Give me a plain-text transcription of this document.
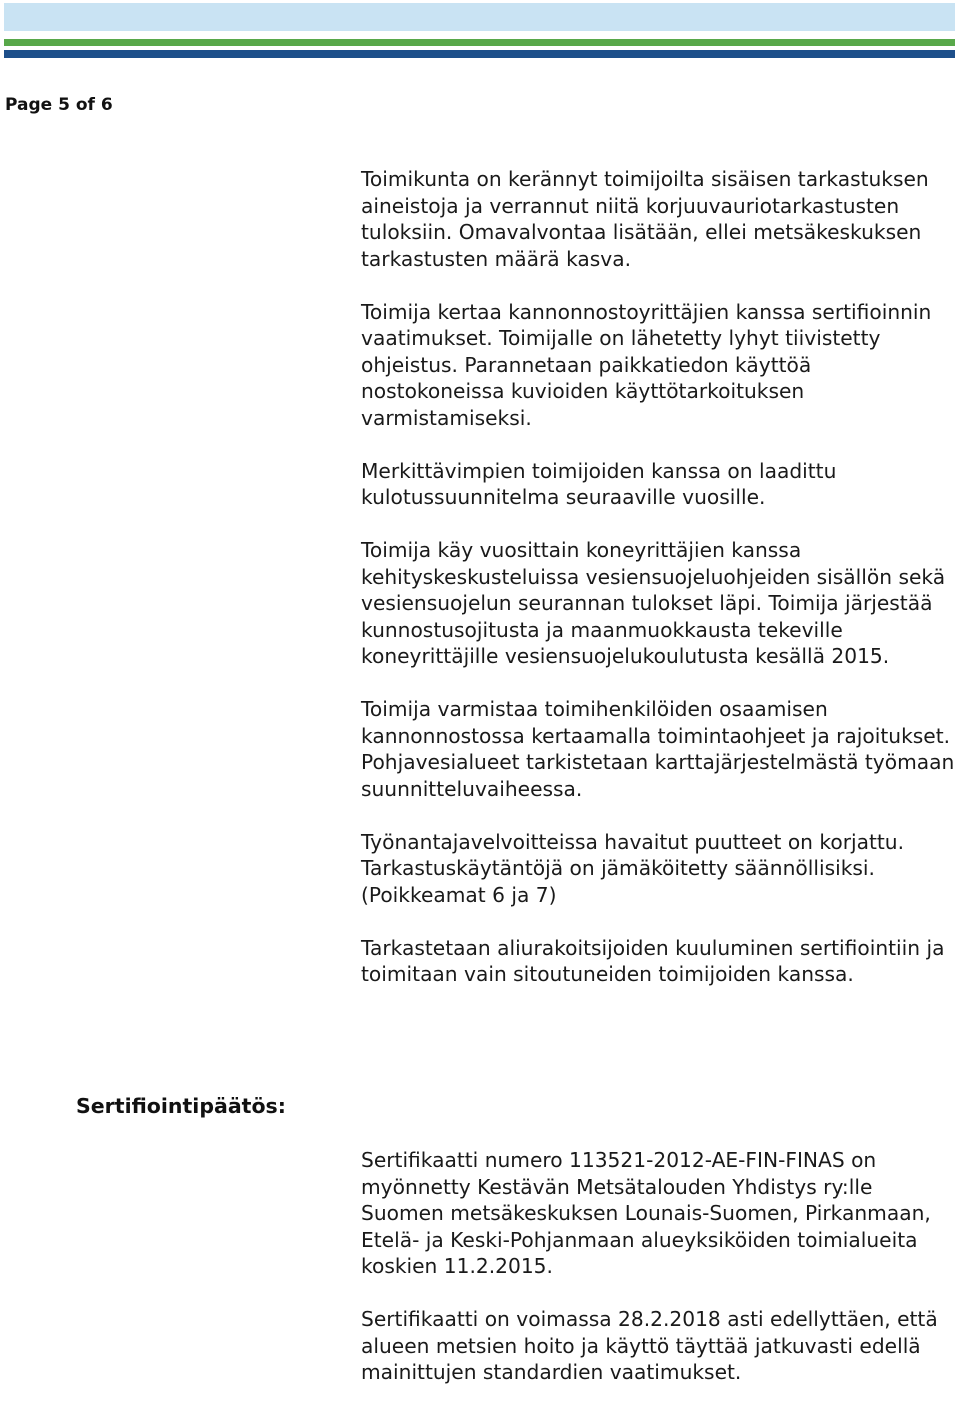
Page 5 of 6

Toimikunta on kerännyt toimijoilta sisäisen tarkastuksen aineistoja ja verrannut niitä korjuuvauriotarkastusten tuloksiin. Omavalvontaa lisätään, ellei metsäkeskuksen tarkastusten määrä kasva.

Toimija kertaa kannonnostoyrittäjien kanssa sertifioinnin vaatimukset. Toimijalle on lähetetty lyhyt tiivistetty ohjeistus. Parannetaan paikkatiedon käyttöä nostokoneissa kuvioiden käyttötarkoituksen varmistamiseksi.

Merkittävimpien toimijoiden kanssa on laadittu kulotussuunnitelma seuraaville vuosille.

Toimija käy vuosittain koneyrittäjien kanssa kehityskeskusteluissa vesiensuojeluohjeiden sisällön sekä vesiensuojelun seurannan tulokset läpi. Toimija järjestää kunnostusojitusta ja maanmuokkausta tekeville koneyrittäjille vesiensuojelukoulutusta kesällä 2015.

Toimija varmistaa toimihenkilöiden osaamisen kannonnostossa kertaamalla toimintaohjeet ja rajoitukset. Pohjavesialueet tarkistetaan karttajärjestelmästä työmaan suunnitteluvaiheessa.

Työnantajavelvoitteissa havaitut puutteet on korjattu. Tarkastuskäytäntöjä on jämäköitetty säännöllisiksi. (Poikkeamat 6 ja 7)

Tarkastetaan aliurakoitsijoiden kuuluminen sertifiointiin ja toimitaan vain sitoutuneiden toimijoiden kanssa.

Sertifiointipäätös:

Sertifikaatti numero 113521-2012-AE-FIN-FINAS on myönnetty Kestävän Metsätalouden Yhdistys ry:lle Suomen metsäkeskuksen Lounais-Suomen, Pirkanmaan, Etelä- ja Keski-Pohjanmaan alueyksiköiden toimialueita koskien 11.2.2015.

Sertifikaatti on voimassa 28.2.2018 asti edellyttäen, että alueen metsien hoito ja käyttö täyttää jatkuvasti edellä mainittujen standardien vaatimukset.
